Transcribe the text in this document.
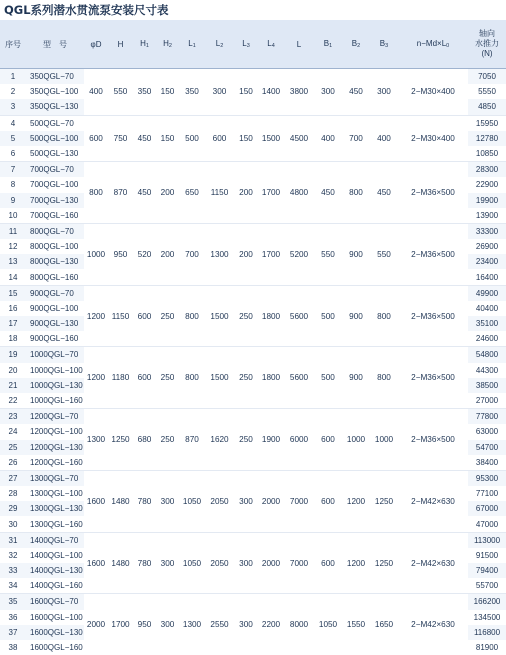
QGL系列潜水贯流泵安装尺寸表
序号	型　号	φD	H	$H_1$	$H_2$	$L_1$	$L_2$	$L_3$	$L_4$	L	$B_1$	$B_2$	$B_3$	$n-Md\times L_0$	轴向
水推力
(N)
1	350QGL−70	400	550	350	150	350	300	150	1400	3800	300	450	300	2−M30×400	7050
2	350QGL−100														5550
3	350QGL−130														4850
4	500QGL−70	600	750	450	150	500	600	150	1500	4500	400	700	400	2−M30×400	15950
5	500QGL−100														12780
6	500QGL−130														10850
7	700QGL−70	800	870	450	200	650	1150	200	1700	4800	450	800	450	2−M36×500	28300
8	700QGL−100														22900
9	700QGL−130														19900
10	700QGL−160														13900
11	800QGL−70	1000	950	520	200	700	1300	200	1700	5200	550	900	550	2−M36×500	33300
12	800QGL−100														26900
13	800QGL−130														23400
14	800QGL−160														16400
15	900QGL−70	1200	1150	600	250	800	1500	250	1800	5600	500	900	800	2−M36×500	49900
16	900QGL−100														40400
17	900QGL−130														35100
18	900QGL−160														24600
19	1000QGL−70	1200	1180	600	250	800	1500	250	1800	5600	500	900	800	2−M36×500	54800
20	1000QGL−100														44300
21	1000QGL−130														38500
22	1000QGL−160														27000
23	1200QGL−70	1300	1250	680	250	870	1620	250	1900	6000	600	1000	1000	2−M36×500	77800
24	1200QGL−100														63000
25	1200QGL−130														54700
26	1200QGL−160														38400
27	1300QGL−70	1600	1480	780	300	1050	2050	300	2000	7000	600	1200	1250	2−M42×630	95300
28	1300QGL−100														77100
29	1300QGL−130														67000
30	1300QGL−160														47000
31	1400QGL−70	1600	1480	780	300	1050	2050	300	2000	7000	600	1200	1250	2−M42×630	113000
32	1400QGL−100														91500
33	1400QGL−130														79400
34	1400QGL−160														55700
35	1600QGL−70	2000	1700	950	300	1300	2550	300	2200	8000	1050	1550	1650	2−M42×630	166200
36	1600QGL−100														134500
37	1600QGL−130														116800
38	1600QGL−160														81900
